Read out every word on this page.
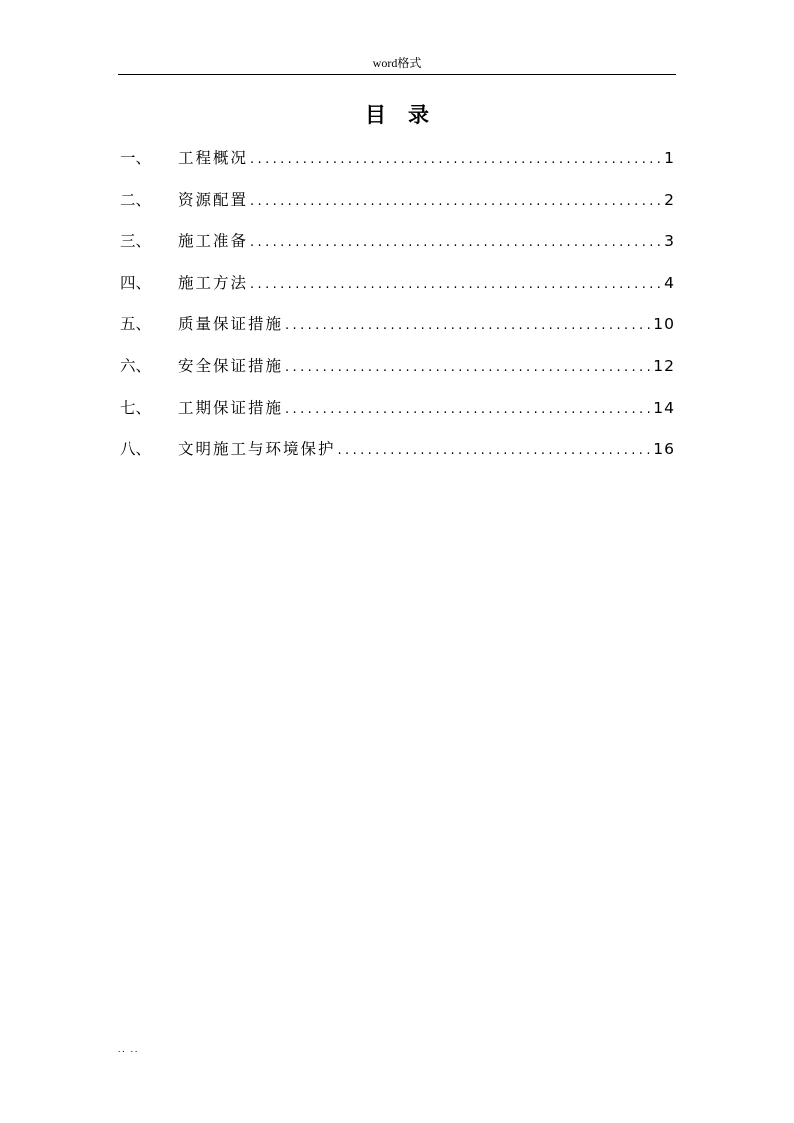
word格式
目录
一、	工程概况 .....	1
二、	资源配置 .....	2
三、	施工准备 .....	3
四、	施工方法 .....	4
五、	质量保证措施 .....	10
六、	安全保证措施 .....	12
七、	工期保证措施 .....	14
八、	文明施工与环境保护 .....	16
.. ..
